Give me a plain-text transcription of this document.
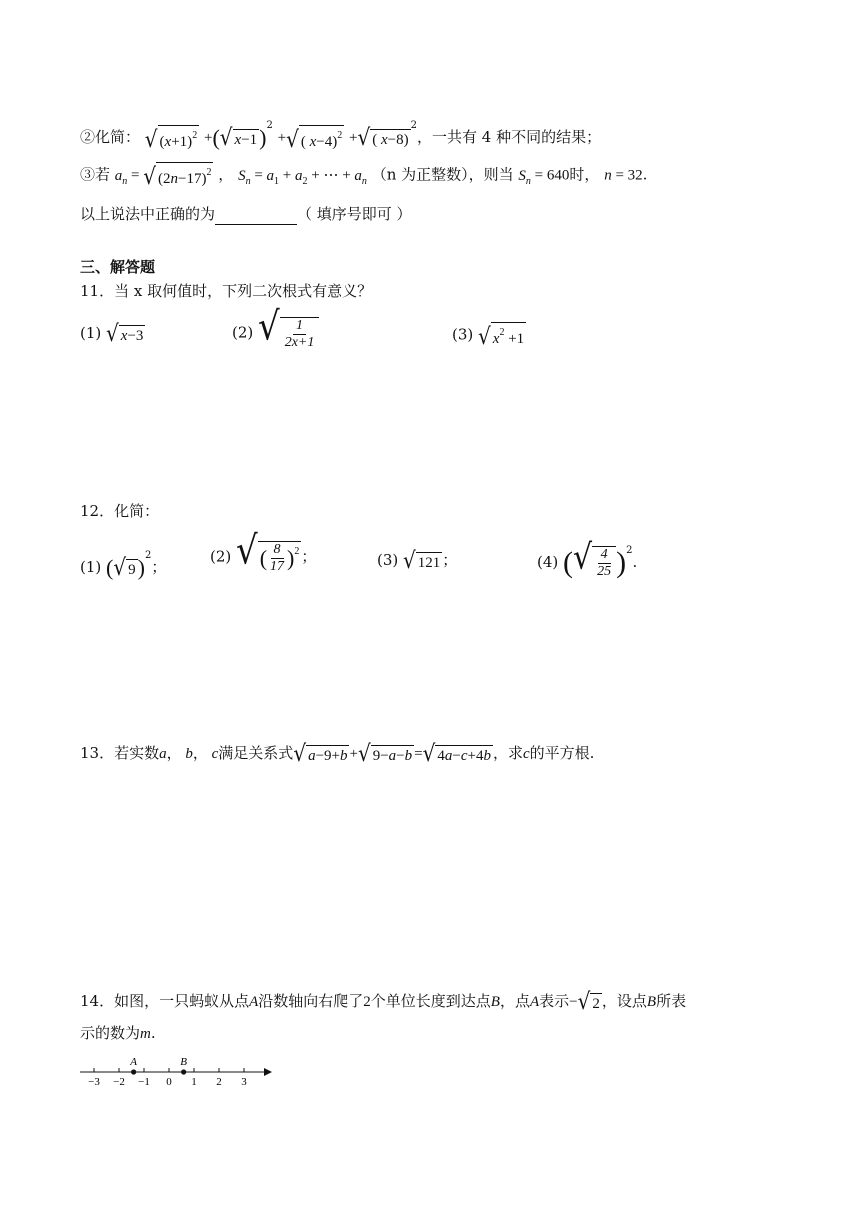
②化简： √ $(x+1)^2$ +(√ x−1)$^2$ +√ ( x−4)$^2$ +√ ( x−8)$^2$，一共有 4 种不同的结果；
③若 $a_n$ = √ $(2n-17)^2$ ， $S_n = a_1 + a_2$ + ⋯ + $a_n$ （n 为正整数），则当 $S_n = 640$时， n = 32.
以上说法中正确的为	（ 填序号即可 ）
三、解答题
11．当 x 取何值时，下列二次根式有意义？
(1) √ x−3	(2) √ $\frac{1}{2x+1}$	(3) √ $x^2 +1$
12．化简：
(1) (√ 9)$^2$；
(2) √( $\frac{8}{17} )^2$ ；	(3) √ 121 ；	(4) (√ $\frac{4}{25} )^2$.
13．若实数a， b， c满足关系式√ a−9+b +√ 9−a−b =√ 4a−c+4b ，求c的平方根.
14．如图，一只蚂蚁从点A沿数轴向右爬了2个单位长度到达点B，点A表示−√ 2 ，设点B所表
示的数为m.
−3 −2 −1 0 1 2 3
A	B
